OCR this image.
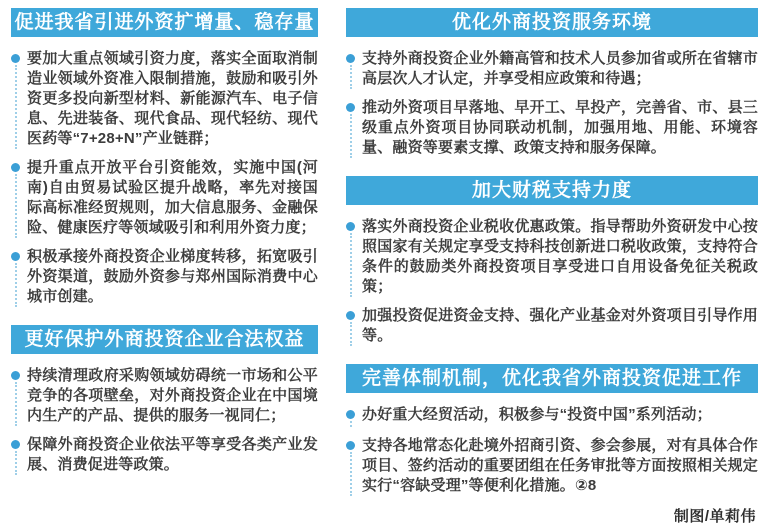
促进我省引进外资扩增量、稳存量

要加大重点领域引资力度，落实全面取消制造业领域外资准入限制措施，鼓励和吸引外资更多投向新型材料、新能源汽车、电子信息、先进装备、现代食品、现代轻纺、现代医药等“7+28+N”产业链群；

提升重点开放平台引资能效，实施中国(河南)自由贸易试验区提升战略，率先对接国际高标准经贸规则，加大信息服务、金融保险、健康医疗等领域吸引和利用外资力度；

积极承接外商投资企业梯度转移，拓宽吸引外资渠道，鼓励外资参与郑州国际消费中心城市创建。

更好保护外商投资企业合法权益

持续清理政府采购领域妨碍统一市场和公平竞争的各项壁垒，对外商投资企业在中国境内生产的产品、提供的服务一视同仁；

保障外商投资企业依法平等享受各类产业发展、消费促进等政策。

优化外商投资服务环境

支持外商投资企业外籍高管和技术人员参加省或所在省辖市高层次人才认定，并享受相应政策和待遇；

推动外资项目早落地、早开工、早投产，完善省、市、县三级重点外资项目协同联动机制，加强用地、用能、环境容量、融资等要素支撑、政策支持和服务保障。

加大财税支持力度

落实外商投资企业税收优惠政策。指导帮助外资研发中心按照国家有关规定享受支持科技创新进口税收政策，支持符合条件的鼓励类外商投资项目享受进口自用设备免征关税政策；

加强投资促进资金支持、强化产业基金对外资项目引导作用等。

完善体制机制，优化我省外商投资促进工作

办好重大经贸活动，积极参与“投资中国”系列活动；

支持各地常态化赴境外招商引资、参会参展，对有具体合作项目、签约活动的重要团组在任务审批等方面按照相关规定实行“容缺受理”等便利化措施。②8

制图/单莉伟
